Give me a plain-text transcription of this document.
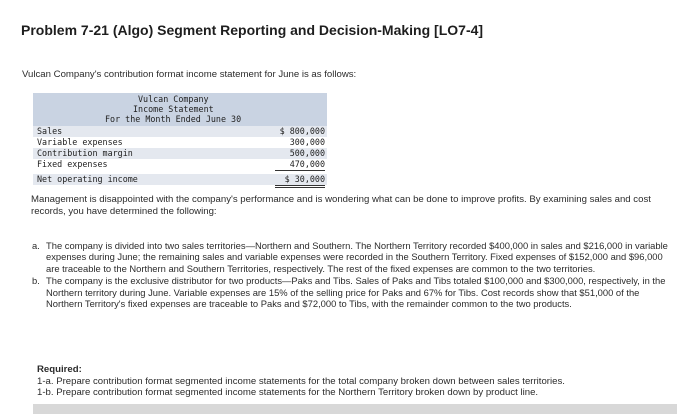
Problem 7-21 (Algo) Segment Reporting and Decision-Making [LO7-4]

Vulcan Company's contribution format income statement for June is as follows:

Vulcan Company
Income Statement
For the Month Ended June 30
Sales	$ 800,000
Variable expenses	300,000
Contribution margin	500,000
Fixed expenses	470,000
Net operating income	$ 30,000

Management is disappointed with the company's performance and is wondering what can be done to improve profits. By examining sales and cost records, you have determined the following:

a. The company is divided into two sales territories—Northern and Southern. The Northern Territory recorded $400,000 in sales and $216,000 in variable expenses during June; the remaining sales and variable expenses were recorded in the Southern Territory. Fixed expenses of $152,000 and $96,000 are traceable to the Northern and Southern Territories, respectively. The rest of the fixed expenses are common to the two territories.
b. The company is the exclusive distributor for two products—Paks and Tibs. Sales of Paks and Tibs totaled $100,000 and $300,000, respectively, in the Northern territory during June. Variable expenses are 15% of the selling price for Paks and 67% for Tibs. Cost records show that $51,000 of the Northern Territory's fixed expenses are traceable to Paks and $72,000 to Tibs, with the remainder common to the two products.

Required:

1-a. Prepare contribution format segmented income statements for the total company broken down between sales territories.

1-b. Prepare contribution format segmented income statements for the Northern Territory broken down by product line.
